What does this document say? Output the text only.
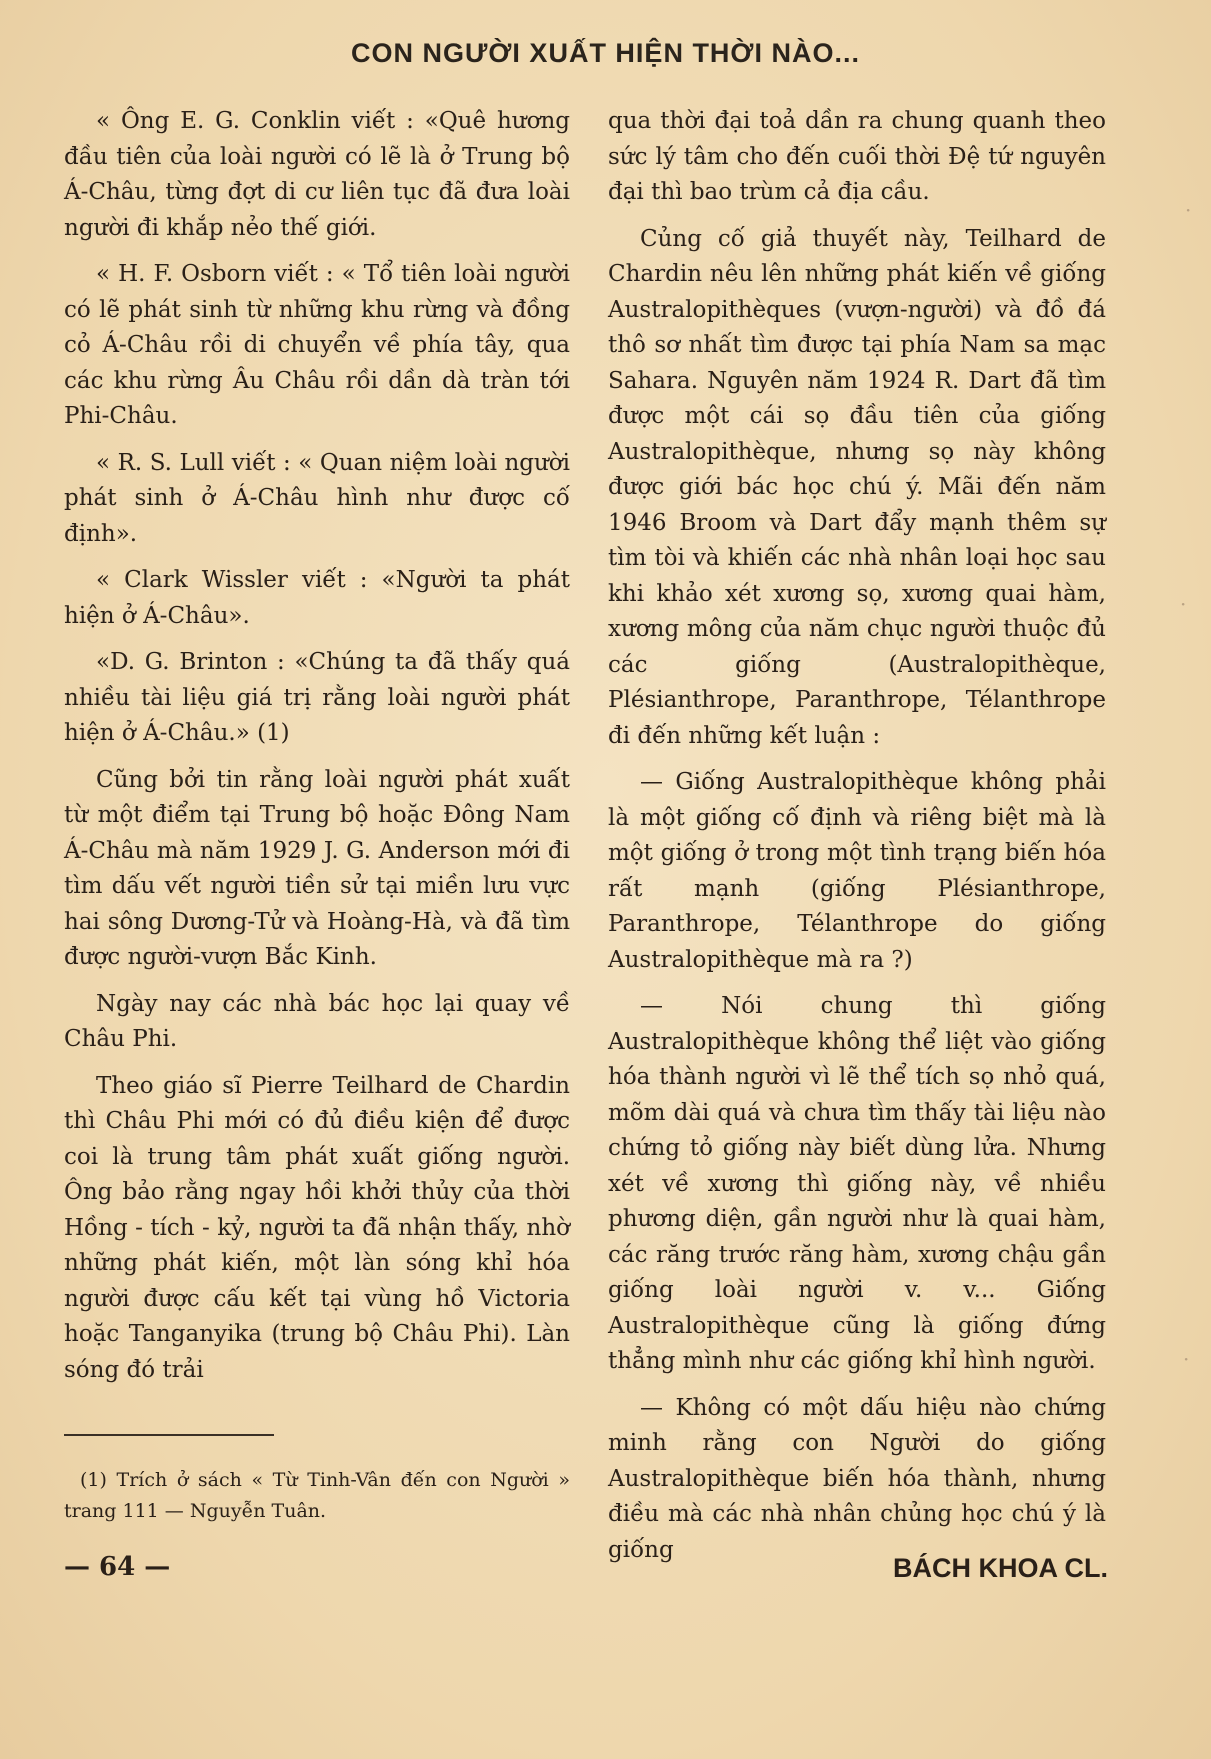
CON NGƯỜI XUẤT HIỆN THỜI NÀO...

« Ông E. G. Conklin viết : «Quê hương đầu tiên của loài người có lẽ là ở Trung bộ Á-Châu, từng đợt di cư liên tục đã đưa loài người đi khắp nẻo thế giới.

« H. F. Osborn viết : « Tổ tiên loài người có lẽ phát sinh từ những khu rừng và đồng cỏ Á-Châu rồi di chuyển về phía tây, qua các khu rừng Âu Châu rồi dần dà tràn tới Phi-Châu.

« R. S. Lull viết : « Quan niệm loài người phát sinh ở Á-Châu hình như được cố định».

« Clark Wissler viết : «Người ta phát hiện ở Á-Châu».

«D. G. Brinton : «Chúng ta đã thấy quá nhiều tài liệu giá trị rằng loài người phát hiện ở Á-Châu.» (1)

Cũng bởi tin rằng loài người phát xuất từ một điểm tại Trung bộ hoặc Đông Nam Á-Châu mà năm 1929 J. G. Anderson mới đi tìm dấu vết người tiền sử tại miền lưu vực hai sông Dương-Tử và Hoàng-Hà, và đã tìm được người-vượn Bắc Kinh.

Ngày nay các nhà bác học lại quay về Châu Phi.

Theo giáo sĩ Pierre Teilhard de Chardin thì Châu Phi mới có đủ điều kiện để được coi là trung tâm phát xuất giống người. Ông bảo rằng ngay hồi khởi thủy của thời Hồng - tích - kỷ, người ta đã nhận thấy, nhờ những phát kiến, một làn sóng khỉ hóa người được cấu kết tại vùng hồ Victoria hoặc Tanganyika (trung bộ Châu Phi). Làn sóng đó trải

qua thời đại toả dần ra chung quanh theo sức lý tâm cho đến cuối thời Đệ tứ nguyên đại thì bao trùm cả địa cầu.

Củng cố giả thuyết này, Teilhard de Chardin nêu lên những phát kiến về giống Australopithèques (vượn-người) và đồ đá thô sơ nhất tìm được tại phía Nam sa mạc Sahara. Nguyên năm 1924 R. Dart đã tìm được một cái sọ đầu tiên của giống Australopithèque, nhưng sọ này không được giới bác học chú ý. Mãi đến năm 1946 Broom và Dart đẩy mạnh thêm sự tìm tòi và khiến các nhà nhân loại học sau khi khảo xét xương sọ, xương quai hàm, xương mông của năm chục người thuộc đủ các giống (Australopithèque, Plésianthrope, Paranthrope, Télanthrope đi đến những kết luận :

— Giống Australopithèque không phải là một giống cố định và riêng biệt mà là một giống ở trong một tình trạng biến hóa rất mạnh (giống Plésianthrope, Paranthrope, Télanthrope do giống Australopithèque mà ra ?)

— Nói chung thì giống Australopithèque không thể liệt vào giống hóa thành người vì lẽ thể tích sọ nhỏ quá, mõm dài quá và chưa tìm thấy tài liệu nào chứng tỏ giống này biết dùng lửa. Nhưng xét về xương thì giống này, về nhiều phương diện, gần người như là quai hàm, các răng trước răng hàm, xương chậu gần giống loài người v. v... Giống Australopithèque cũng là giống đứng thẳng mình như các giống khỉ hình người.

— Không có một dấu hiệu nào chứng minh rằng con Người do giống Australopithèque biến hóa thành, nhưng điều mà các nhà nhân chủng học chú ý là giống

(1) Trích ở sách « Từ Tinh-Vân đến con Người » trang 111 — Nguyễn Tuân.

— 64 —	BÁCH KHOA CL.
·
·
·
